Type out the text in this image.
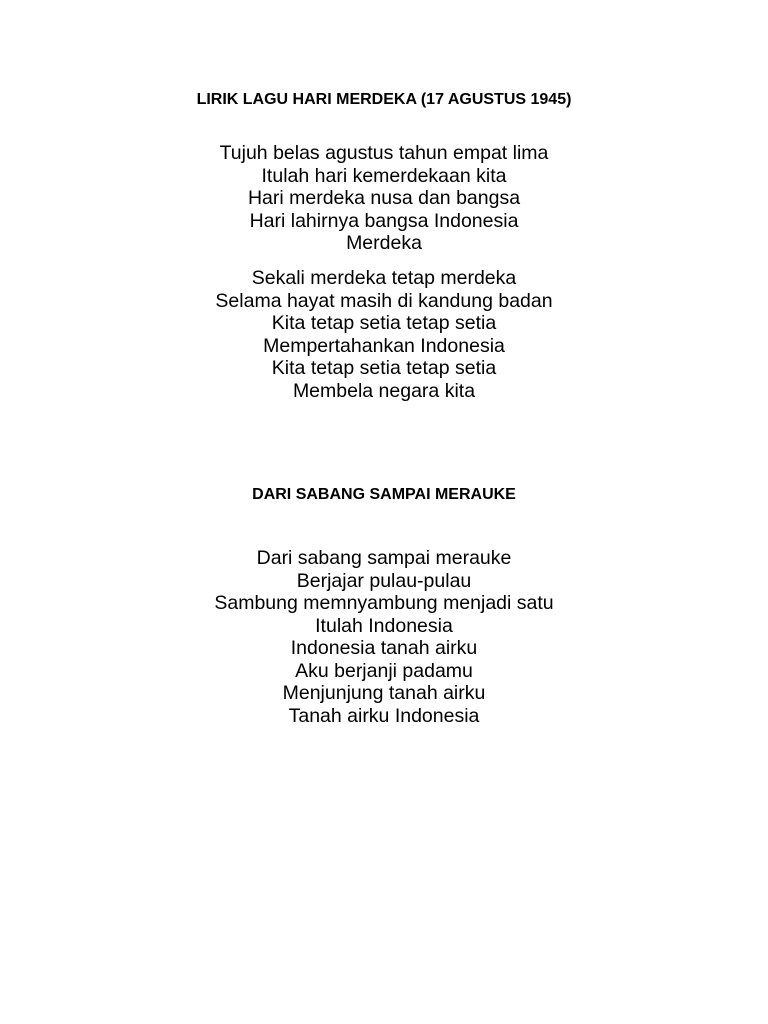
LIRIK LAGU HARI MERDEKA (17 AGUSTUS 1945)
Tujuh belas agustus tahun empat lima
Itulah hari kemerdekaan kita
Hari merdeka nusa dan bangsa
Hari lahirnya bangsa Indonesia
Merdeka
Sekali merdeka tetap merdeka
Selama hayat masih di kandung badan
Kita tetap setia tetap setia
Mempertahankan Indonesia
Kita tetap setia tetap setia
Membela negara kita
DARI SABANG SAMPAI MERAUKE
Dari sabang sampai merauke
Berjajar pulau-pulau
Sambung memnyambung menjadi satu
Itulah Indonesia
Indonesia tanah airku
Aku berjanji padamu
Menjunjung tanah airku
Tanah airku Indonesia
